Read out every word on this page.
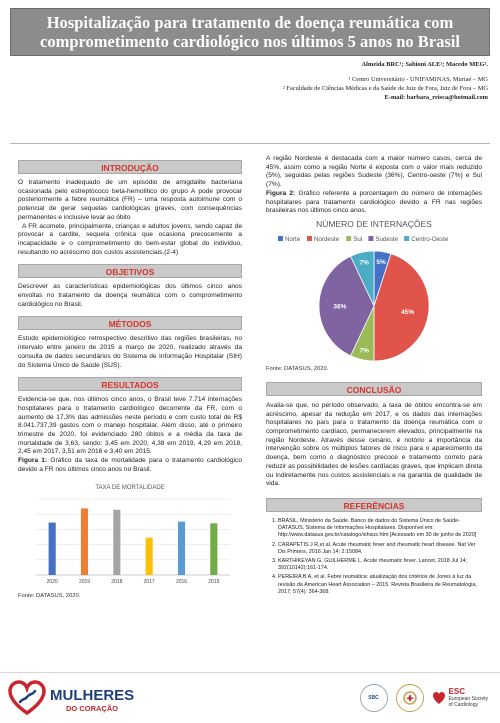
Hospitalização para tratamento de doença reumática com comprometimento cardiológico nos últimos 5 anos no Brasil
Almeida BRC¹; Sabioni ALE²; Macedo MEG².
¹ Centro Universitário - UNIFAMINAS, Muriaé – MG
² Faculdade de Ciências Médicas e da Saúde de Juiz de Fora, Juiz de Fora – MG
E-mail: barbara_reisca@hotmail.com
INTRODUÇÃO

O tratamento inadequado de um episódio de amigdalite bacteriana ocasionada pelo estreptococo beta-hemolítico do grupo A pode provocar posteriormente a febre reumática (FR) – uma resposta autoimune com o potencial de gerar sequelas cardiológicas graves, com consequências permanentes e inclusive levar ao óbito

A FR acomete, principalmente, crianças e adultos jovens, sendo capaz de provocar a cardite, sequela crônica que ocasiona precocemente a incapacidade e o comprometimento do bem-estar global do indivíduo, resultando no acréscimo dos custos assistenciais.(2-4)

OBJETIVOS

Descrever as características epidemiológicas dos últimos cinco anos envoltas no tratamento da doença reumática com o comprometimento cardiológico no Brasil.

MÉTODOS

Estudo epidemiológico retrospectivo descritivo das regiões brasileiras, no intervalo entre janeiro de 2015 a março de 2020, realizado através da consulta de dados secundários do Sistema de Informação Hospitalar (SIH) do Sistema Único de Saúde (SUS).

RESULTADOS

Evidencia-se que, nos últimos cinco anos, o Brasil teve 7.714 internações hospitalares para o tratamento cardiológico decorrente da FR, com o aumento de 17,3% das admissões neste período e com custo total de R$ 8.041.737,39 gastos com o manejo hospitalar. Além disso, até o primeiro trimestre de 2020, foi evidenciado 280 óbitos e a média da taxa de mortalidade de 3,63, sendo: 3,45 em 2020, 4,38 em 2019, 4,29 em 2018, 2,45 em 2017, 3,51 em 2016 e 3,40 em 2015.

Figura 1: Gráfico da taxa de mortalidade para o tratamento cardiológico devido a FR nos últimos cinco anos no Brasil.

TAXA DE MORTALIDADE
2020	2019	2018	2017	2016	2015
Fonte: DATASUS, 2020.

A região Nordeste é destacada com a maior número casos, cerca de 45%, assim como a região Norte é exposta com o valor mais reduzido (5%), seguidas pelas regiões Sudeste (36%), Centro-oeste (7%) e Sul (7%).

Figura 2: Gráfico referente a porcentagem do número de internações hospitalares para tratamento cardiológico devido a FR nas regiões brasileiras nos últimos cinco anos.

NÚMERO DE INTERNAÇÕES
Norte Nordeste Sul Sudeste Centro-Oeste
5%
45%
7%
36%
7%
Fonte: DATASUS, 2020.
CONCLUSÃO

Avalia-se que, no período observado, a taxa de óbitos encontra-se em acréscimo, apesar da redução em 2017, e os dados das internações hospitalares no país para o tratamento da doença reumática com o comprometimento cardíaco, permanecerem elevados, principalmente na região Nordeste. Através desse cenário, é notório a importância da intervenção sobre os múltiplos fatores de risco para o aparecimento da doença, bem como o diagnóstico precoce e tratamento correto para reduzir as possibilidades de lesões cardíacas graves, que implicam direta ou indiretamente nos custos assistenciais e na garantia de qualidade de vida.

REFERÊNCIAS
1. BRASIL, Ministério da Saúde. Banco de dados do Sistema Único de Saúde-DATASUS, Sistema de Informações Hospitalares. Disponível em: http://www.datasus.gov.br/catalogo/sihsus.htm [Acessado em 30 de junho de 2020]
2. CARAPETIS J R,et al. Acute rheumatic fever and rheumatic heart disease. Nat Ver Dis Primers, 2016 Jan 14; 2:15084.
3. KARTHIKEYAN G, GUILHERME L. Acute rheumatic fever. Lancet, 2018 Jul 14; 392(10142):161-174.
4. PEREIRA B A, et al. Febre reumática: atualização dos critérios de Jones à luz da revisão da American Heart Association – 2015. Revista Brasileira de Reumatologia, 2017; 57(4): 364-368.
MULHERES
DO CORAÇÃO
SBC
ESC
European Society
of Cardiology
